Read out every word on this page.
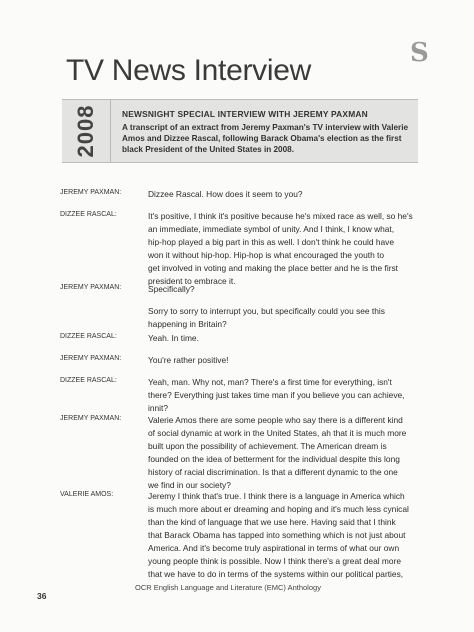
S
TV News Interview
2008	NEWSNIGHT SPECIAL INTERVIEW WITH JEREMY PAXMAN
A transcript of an extract from Jeremy Paxman's TV interview with Valerie Amos and Dizzee Rascal, following Barack Obama's election as the first black President of the United States in 2008.
JEREMY PAXMAN:	Dizzee Rascal. How does it seem to you?
DIZZEE RASCAL:	It's positive, I think it's positive because he's mixed race as well, so he's
an immediate, immediate symbol of unity. And I think, I know what,
hip-hop played a big part in this as well. I don't think he could have
won it without hip-hop. Hip-hop is what encouraged the youth to
get involved in voting and making the place better and he is the first
president to embrace it.
JEREMY PAXMAN:	Specifically?
Sorry to sorry to interrupt you, but specifically could you see this
happening in Britain?
DIZZEE RASCAL:	Yeah. In time.
JEREMY PAXMAN:	You're rather positive!
DIZZEE RASCAL:	Yeah, man. Why not, man? There's a first time for everything, isn't
there? Everything just takes time man if you believe you can achieve,
innit?
JEREMY PAXMAN:	Valerie Amos there are some people who say there is a different kind
of social dynamic at work in the United States, ah that it is much more
built upon the possibility of achievement. The American dream is
founded on the idea of betterment for the individual despite this long
history of racial discrimination. Is that a different dynamic to the one
we find in our society?
VALERIE AMOS:	Jeremy I think that's true. I think there is a language in America which
is much more about er dreaming and hoping and it's much less cynical
than the kind of language that we use here. Having said that I think
that Barack Obama has tapped into something which is not just about
America. And it's become truly aspirational in terms of what our own
young people think is possible. Now I think there's a great deal more
that we have to do in terms of the systems within our political parties,
OCR English Language and Literature (EMC) Anthology
36
